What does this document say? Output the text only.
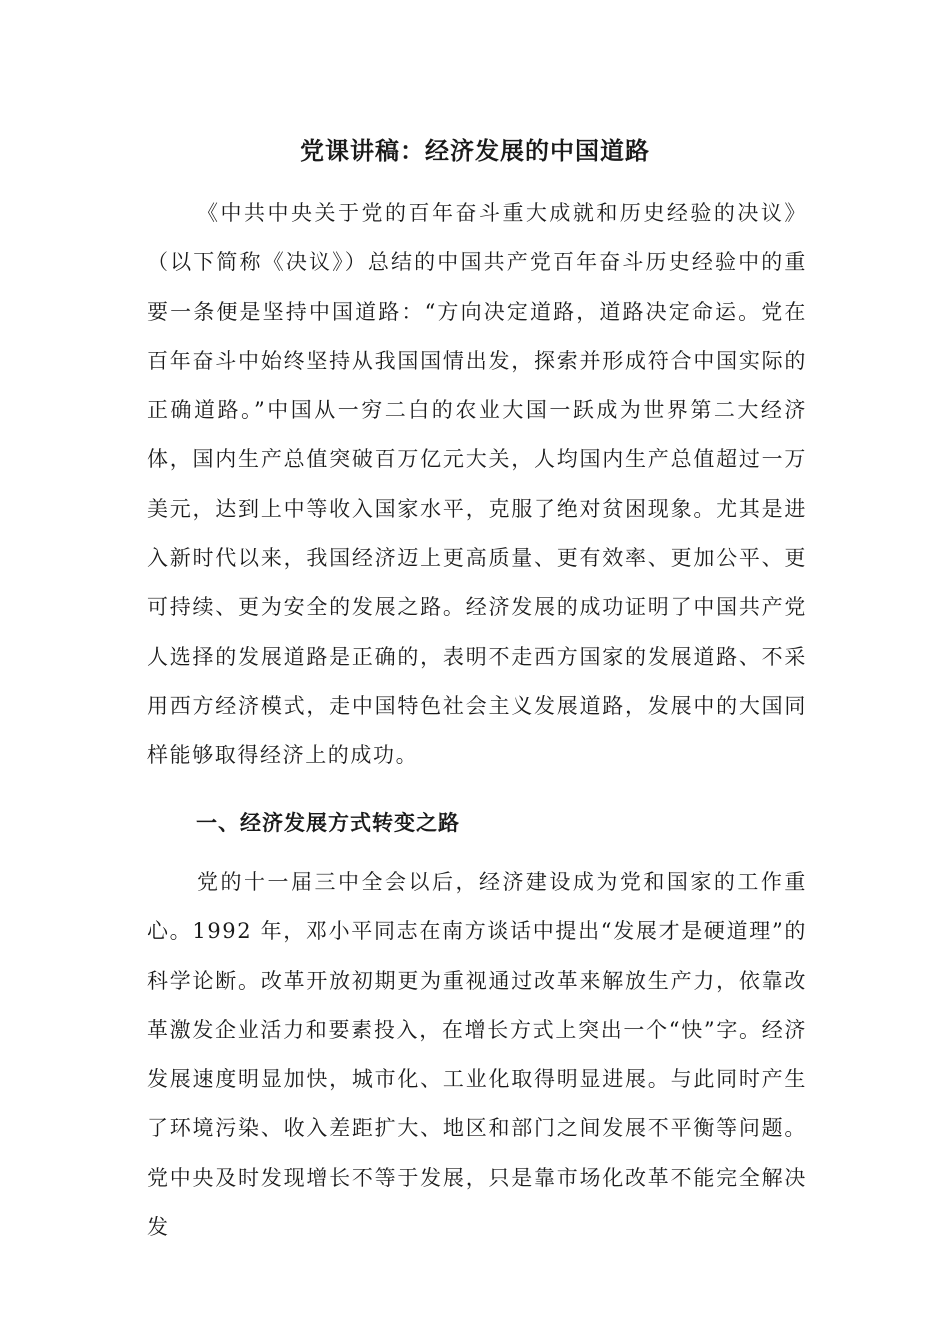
党课讲稿：经济发展的中国道路

《中共中央关于党的百年奋斗重大成就和历史经验的决议》（以下简称《决议》）总结的中国共产党百年奋斗历史经验中的重要一条便是坚持中国道路：“方向决定道路，道路决定命运。党在百年奋斗中始终坚持从我国国情出发，探索并形成符合中国实际的正确道路。”中国从一穷二白的农业大国一跃成为世界第二大经济体，国内生产总值突破百万亿元大关，人均国内生产总值超过一万美元，达到上中等收入国家水平，克服了绝对贫困现象。尤其是进入新时代以来，我国经济迈上更高质量、更有效率、更加公平、更可持续、更为安全的发展之路。经济发展的成功证明了中国共产党人选择的发展道路是正确的，表明不走西方国家的发展道路、不采用西方经济模式，走中国特色社会主义发展道路，发展中的大国同样能够取得经济上的成功。

一、经济发展方式转变之路

党的十一届三中全会以后，经济建设成为党和国家的工作重心。1992 年，邓小平同志在南方谈话中提出“发展才是硬道理”的科学论断。改革开放初期更为重视通过改革来解放生产力，依靠改革激发企业活力和要素投入，在增长方式上突出一个“快”字。经济发展速度明显加快，城市化、工业化取得明显进展。与此同时产生了环境污染、收入差距扩大、地区和部门之间发展不平衡等问题。党中央及时发现增长不等于发展，只是靠市场化改革不能完全解决发
